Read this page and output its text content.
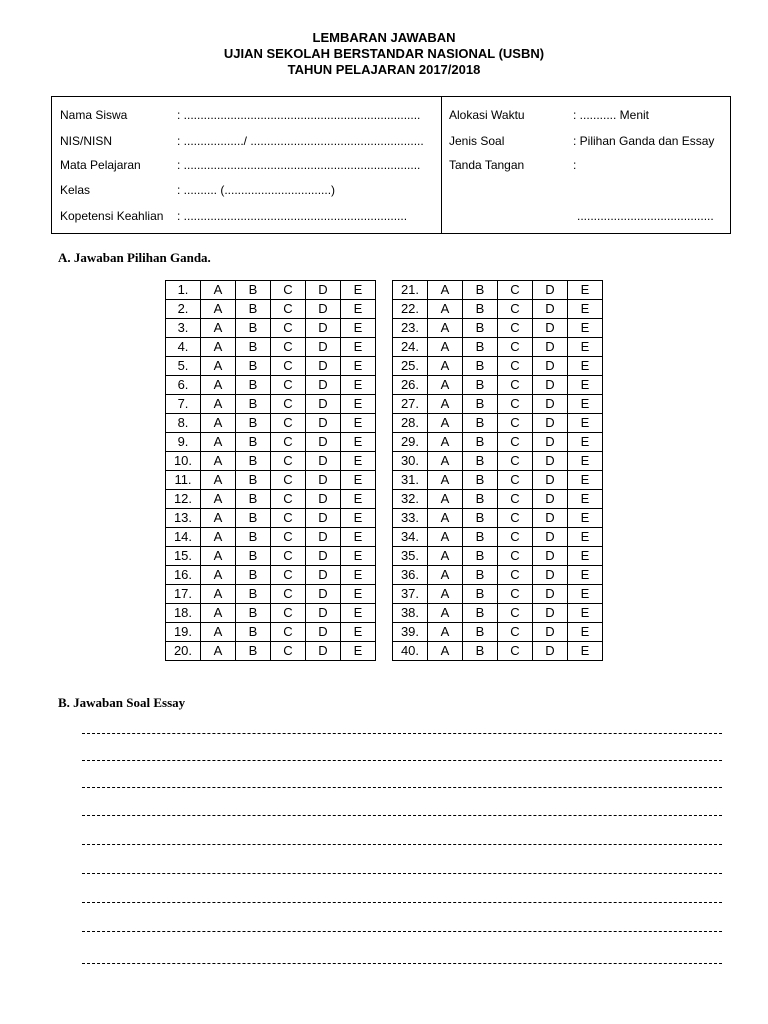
LEMBARAN JAWABAN
UJIAN SEKOLAH BERSTANDAR NASIONAL (USBN)
TAHUN PELAJARAN 2017/2018
Nama Siswa	: .......................................................................
NIS/NISN	: ................../ ....................................................
Mata Pelajaran	: .......................................................................
Kelas	: .......... (................................)
Kopetensi Keahlian : ...................................................................
Alokasi Waktu	: ........... Menit
Jenis Soal	: Pilihan Ganda dan Essay
Tanda Tangan	:
.........................................
A. Jawaban Pilihan Ganda.
1.	A	B	C	D	E
2.	A	B	C	D	E
3.	A	B	C	D	E
4.	A	B	C	D	E
5.	A	B	C	D	E
6.	A	B	C	D	E
7.	A	B	C	D	E
8.	A	B	C	D	E
9.	A	B	C	D	E
10.	A	B	C	D	E
11.	A	B	C	D	E
12.	A	B	C	D	E
13.	A	B	C	D	E
14.	A	B	C	D	E
15.	A	B	C	D	E
16.	A	B	C	D	E
17.	A	B	C	D	E
18.	A	B	C	D	E
19.	A	B	C	D	E
20.	A	B	C	D	E
21.	A	B	C	D	E
22.	A	B	C	D	E
23.	A	B	C	D	E
24.	A	B	C	D	E
25.	A	B	C	D	E
26.	A	B	C	D	E
27.	A	B	C	D	E
28.	A	B	C	D	E
29.	A	B	C	D	E
30.	A	B	C	D	E
31.	A	B	C	D	E
32.	A	B	C	D	E
33.	A	B	C	D	E
34.	A	B	C	D	E
35.	A	B	C	D	E
36.	A	B	C	D	E
37.	A	B	C	D	E
38.	A	B	C	D	E
39.	A	B	C	D	E
40.	A	B	C	D	E
B. Jawaban Soal Essay
